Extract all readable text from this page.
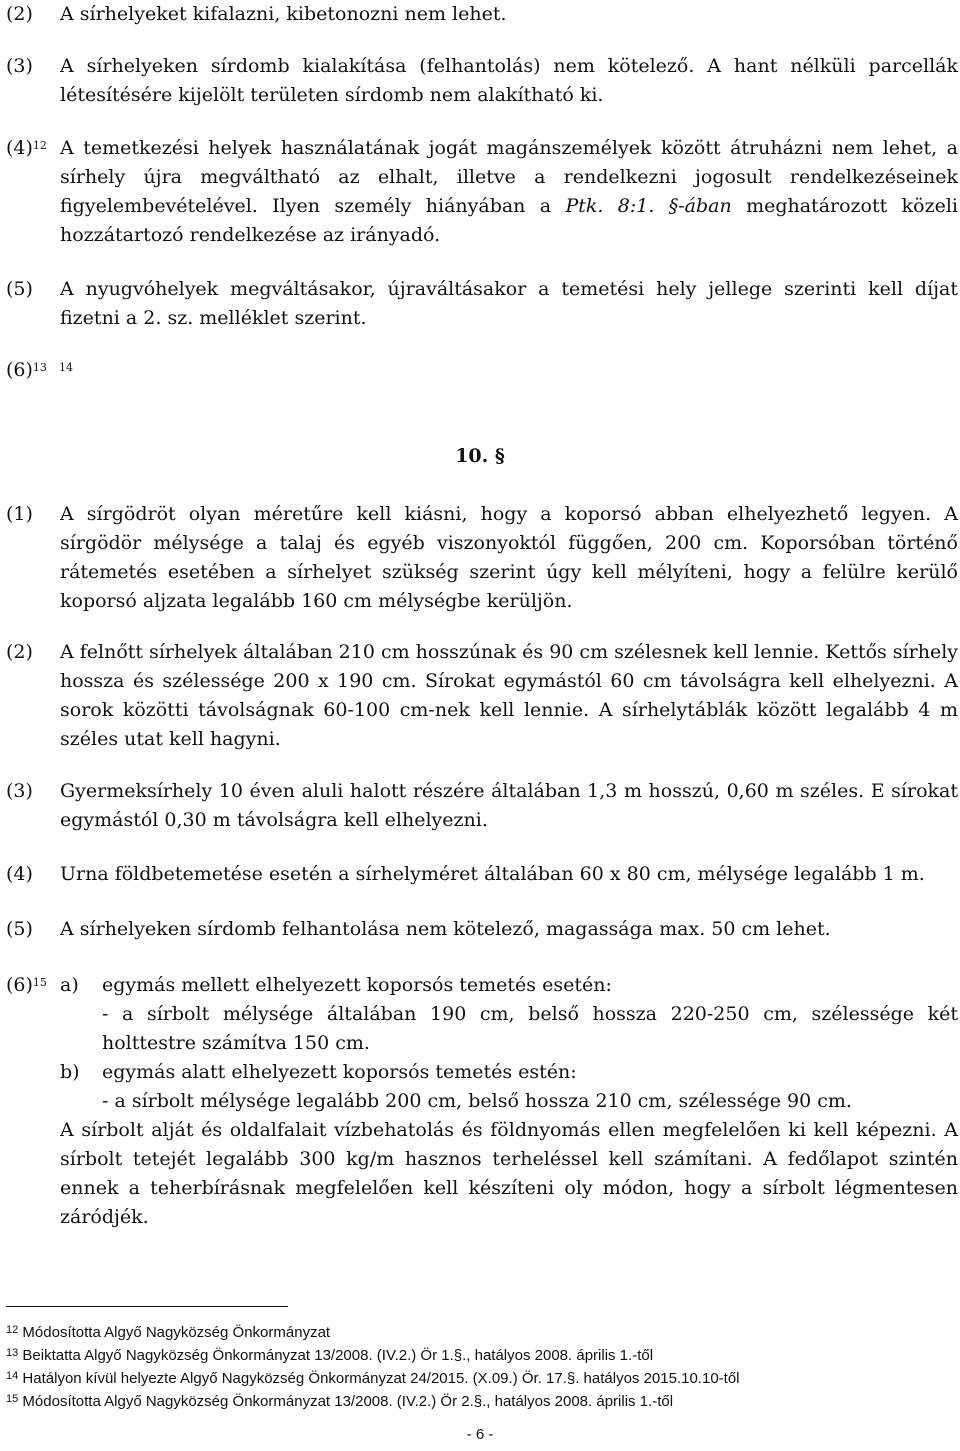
(2) A sírhelyeket kifalazni, kibetonozni nem lehet.
(3) A sírhelyeken sírdomb kialakítása (felhantolás) nem kötelező. A hant nélküli parcellák létesítésére kijelölt területen sírdomb nem alakítható ki.
$(4)^{12}$ A temetkezési helyek használatának jogát magánszemélyek között átruházni nem lehet, a sírhely újra megváltható az elhalt, illetve a rendelkezni jogosult rendelkezéseinek figyelembevételével. Ilyen személy hiányában a Ptk. 8:1. §-ában meghatározott közeli hozzátartozó rendelkezése az irányadó.
(5) A nyugvóhelyek megváltásakor, újraváltásakor a temetési hely jellege szerinti kell díjat fizetni a 2. sz. melléklet szerint.
$(6)^{13}$ $^{14}$
10. §
(1) A sírgödröt olyan méretűre kell kiásni, hogy a koporsó abban elhelyezhető legyen. A sírgödör mélysége a talaj és egyéb viszonyoktól függően, 200 cm. Koporsóban történő rátemetés esetében a sírhelyet szükség szerint úgy kell mélyíteni, hogy a felülre kerülő koporsó aljzata legalább 160 cm mélységbe kerüljön.
(2) A felnőtt sírhelyek általában 210 cm hosszúnak és 90 cm szélesnek kell lennie. Kettős sírhely hossza és szélessége 200 x 190 cm. Sírokat egymástól 60 cm távolságra kell elhelyezni. A sorok közötti távolságnak 60-100 cm-nek kell lennie. A sírhelytáblák között legalább 4 m széles utat kell hagyni.
(3) Gyermeksírhely 10 éven aluli halott részére általában 1,3 m hosszú, 0,60 m széles. E sírokat egymástól 0,30 m távolságra kell elhelyezni.
(4) Urna földbetemetése esetén a sírhelyméret általában 60 x 80 cm, mélysége legalább 1 m.
(5) A sírhelyeken sírdomb felhantolása nem kötelező, magassága max. 50 cm lehet.
$(6)^{15}$ a) egymás mellett elhelyezett koporsós temetés esetén:
- a sírbolt mélysége általában 190 cm, belső hossza 220-250 cm, szélessége két holttestre számítva 150 cm.
b) egymás alatt elhelyezett koporsós temetés estén:
- a sírbolt mélysége legalább 200 cm, belső hossza 210 cm, szélessége 90 cm.
A sírbolt alját és oldalfalait vízbehatolás és földnyomás ellen megfelelően ki kell képezni. A sírbolt tetejét legalább 300 kg/m hasznos terheléssel kell számítani. A fedőlapot szintén ennek a teherbírásnak megfelelően kell készíteni oly módon, hogy a sírbolt légmentesen záródjék.
$^{12}$ Módosította Algyő Nagyközség Önkormányzat
$^{13}$ Beiktatta Algyő Nagyközség Önkormányzat 13/2008. (IV.2.) Ör 1.§., hatályos 2008. április 1.-től
$^{14}$ Hatályon kívül helyezte Algyő Nagyközség Önkormányzat 24/2015. (X.09.) Ör. 17.§. hatályos 2015.10.10-től
$^{15}$ Módosította Algyő Nagyközség Önkormányzat 13/2008. (IV.2.) Ör 2.§., hatályos 2008. április 1.-től
- 6 -
